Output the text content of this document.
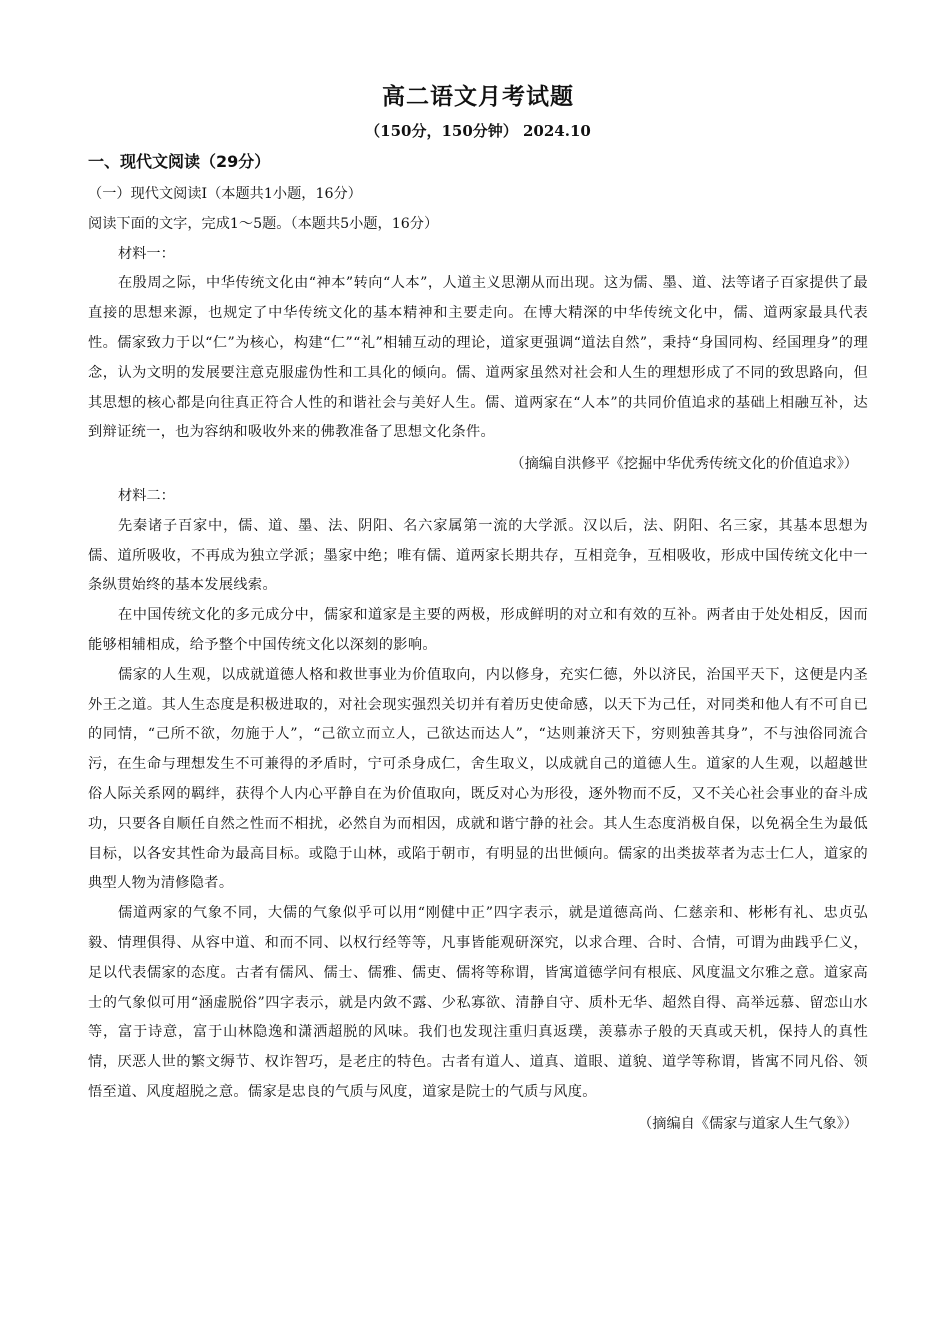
高二语文月考试题
（150分，150分钟） 2024.10
一、现代文阅读（29分）
（一）现代文阅读Ⅰ（本题共1小题，16分）
阅读下面的文字，完成1～5题。（本题共5小题，16分）
材料一：

在殷周之际，中华传统文化由“神本”转向“人本”，人道主义思潮从而出现。这为儒、墨、道、法等诸子百家提供了最直接的思想来源，也规定了中华传统文化的基本精神和主要走向。在博大精深的中华传统文化中，儒、道两家最具代表性。儒家致力于以“仁”为核心，构建“仁”“礼”相辅互动的理论，道家更强调“道法自然”，秉持“身国同构、经国理身”的理念，认为文明的发展要注意克服虚伪性和工具化的倾向。儒、道两家虽然对社会和人生的理想形成了不同的致思路向，但其思想的核心都是向往真正符合人性的和谐社会与美好人生。儒、道两家在“人本”的共同价值追求的基础上相融互补，达到辩证统一，也为容纳和吸收外来的佛教准备了思想文化条件。

（摘编自洪修平《挖掘中华优秀传统文化的价值追求》）
材料二：

先秦诸子百家中，儒、道、墨、法、阴阳、名六家属第一流的大学派。汉以后，法、阴阳、名三家，其基本思想为儒、道所吸收，不再成为独立学派；墨家中绝；唯有儒、道两家长期共存，互相竞争，互相吸收，形成中国传统文化中一条纵贯始终的基本发展线索。

在中国传统文化的多元成分中，儒家和道家是主要的两极，形成鲜明的对立和有效的互补。两者由于处处相反，因而能够相辅相成，给予整个中国传统文化以深刻的影响。

儒家的人生观，以成就道德人格和救世事业为价值取向，内以修身，充实仁德，外以济民，治国平天下，这便是内圣外王之道。其人生态度是积极进取的，对社会现实强烈关切并有着历史使命感，以天下为己任，对同类和他人有不可自已的同情，“己所不欲，勿施于人”，“己欲立而立人，己欲达而达人”，“达则兼济天下，穷则独善其身”，不与浊俗同流合污，在生命与理想发生不可兼得的矛盾时，宁可杀身成仁，舍生取义，以成就自己的道德人生。道家的人生观，以超越世俗人际关系网的羁绊，获得个人内心平静自在为价值取向，既反对心为形役，逐外物而不反，又不关心社会事业的奋斗成功，只要各自顺任自然之性而不相扰，必然自为而相因，成就和谐宁静的社会。其人生态度消极自保，以免祸全生为最低目标，以各安其性命为最高目标。或隐于山林，或陷于朝市，有明显的出世倾向。儒家的出类拔萃者为志士仁人，道家的典型人物为清修隐者。

儒道两家的气象不同，大儒的气象似乎可以用“刚健中正”四字表示，就是道德高尚、仁慈亲和、彬彬有礼、忠贞弘毅、情理俱得、从容中道、和而不同、以权行经等等，凡事皆能观研深究，以求合理、合时、合情，可谓为曲践乎仁义，足以代表儒家的态度。古者有儒风、儒士、儒雅、儒吏、儒将等称谓，皆寓道德学问有根底、风度温文尔雅之意。道家高士的气象似可用“涵虚脱俗”四字表示，就是内敛不露、少私寡欲、清静自守、质朴无华、超然自得、高举远慕、留恋山水等，富于诗意，富于山林隐逸和潇洒超脱的风味。我们也发现注重归真返璞，羡慕赤子般的天真或天机，保持人的真性情，厌恶人世的繁文缛节、权诈智巧，是老庄的特色。古者有道人、道真、道眼、道貌、道学等称谓，皆寓不同凡俗、领悟至道、风度超脱之意。儒家是忠良的气质与风度，道家是院士的气质与风度。

（摘编自《儒家与道家人生气象》）
